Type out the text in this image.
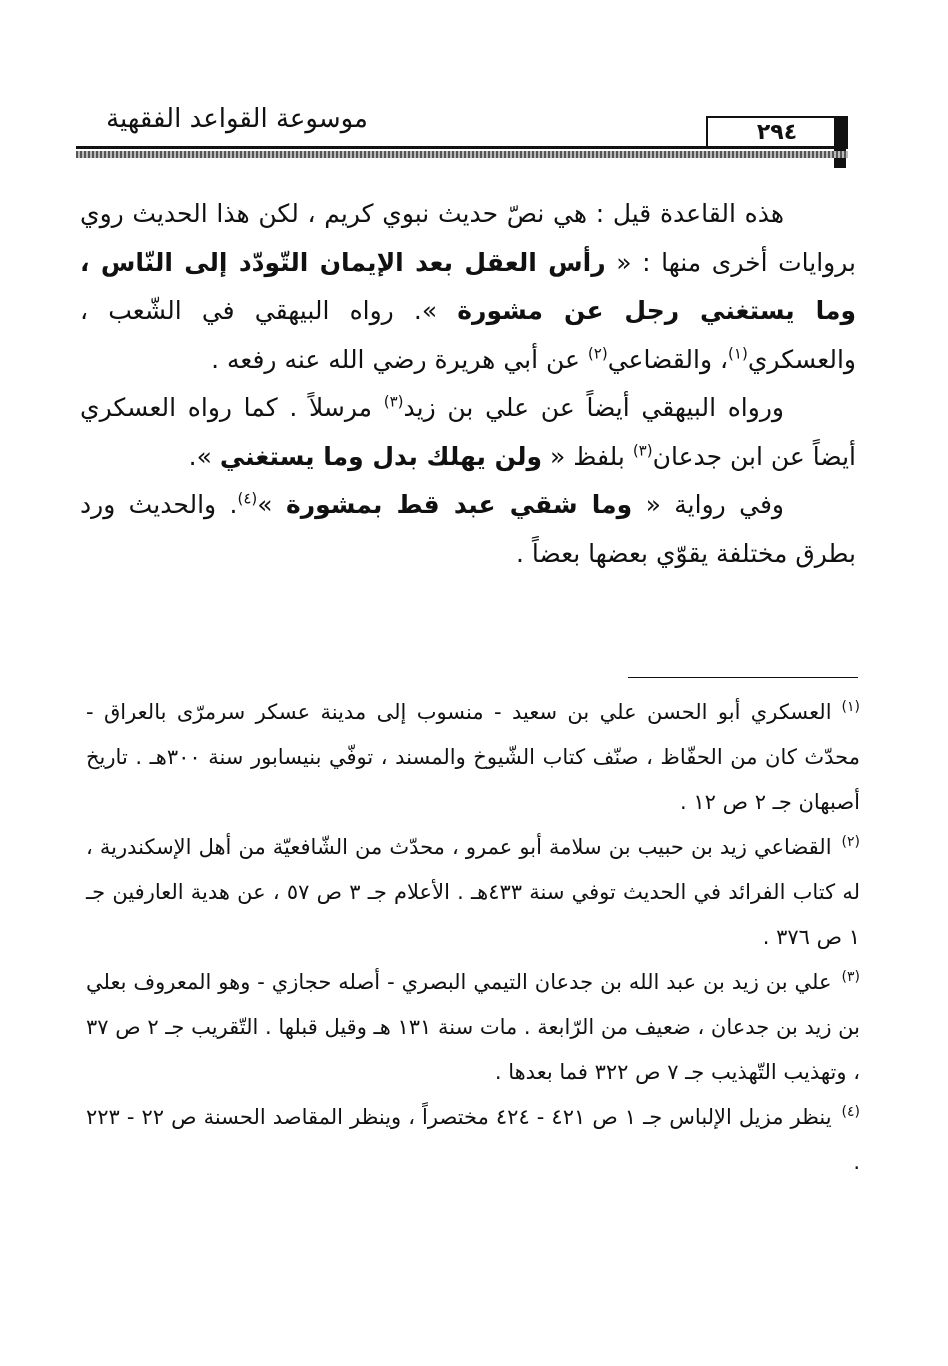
موسوعة القواعد الفقهية	٢٩٤

هذه القاعدة قيل : هي نصّ حديث نبوي كريم ، لكن هذا الحديث روي بروايات أخرى منها : « رأس العقل بعد الإيمان التّودّد إلى النّاس ، وما يستغني رجل عن مشورة ». رواه البيهقي في الشّعب ، والعسكري$^{(١)}$، والقضاعي$^{(٢)}$ عن أبي هريرة رضي الله عنه رفعه .

ورواه البيهقي أيضاً عن علي بن زيد$^{(٣)}$ مرسلاً . كما رواه العسكري أيضاً عن ابن جدعان$^{(٣)}$ بلفظ « ولن يهلك بدل وما يستغني ».

وفي رواية « وما شقي عبد قط بمشورة »$^{(٤)}$. والحديث ورد بطرق مختلفة يقوّي بعضها بعضاً .

$^{(١)}$العسكري أبو الحسن علي بن سعيد - منسوب إلى مدينة عسكر سرمرّى بالعراق - محدّث كان من الحفّاظ ، صنّف كتاب الشّيوخ والمسند ، توفّي بنيسابور سنة ٣٠٠هـ . تاريخ أصبهان جـ ٢ ص ١٢ .

$^{(٢)}$القضاعي زيد بن حبيب بن سلامة أبو عمرو ، محدّث من الشّافعيّة من أهل الإسكندرية ، له كتاب الفرائد في الحديث توفي سنة ٤٣٣هـ . الأعلام جـ ٣ ص ٥٧ ، عن هدية العارفين جـ ١ ص ٣٧٦ .

$^{(٣)}$علي بن زيد بن عبد الله بن جدعان التيمي البصري - أصله حجازي - وهو المعروف بعلي بن زيد بن جدعان ، ضعيف من الرّابعة . مات سنة ١٣١ هـ وقيل قبلها . التّقريب جـ ٢ ص ٣٧ ، وتهذيب التّهذيب جـ ٧ ص ٣٢٢ فما بعدها .

$^{(٤)}$ينظر مزيل الإلباس جـ ١ ص ٤٢١ - ٤٢٤ مختصراً ، وينظر المقاصد الحسنة ص ٢٢ - ٢٢٣ .
